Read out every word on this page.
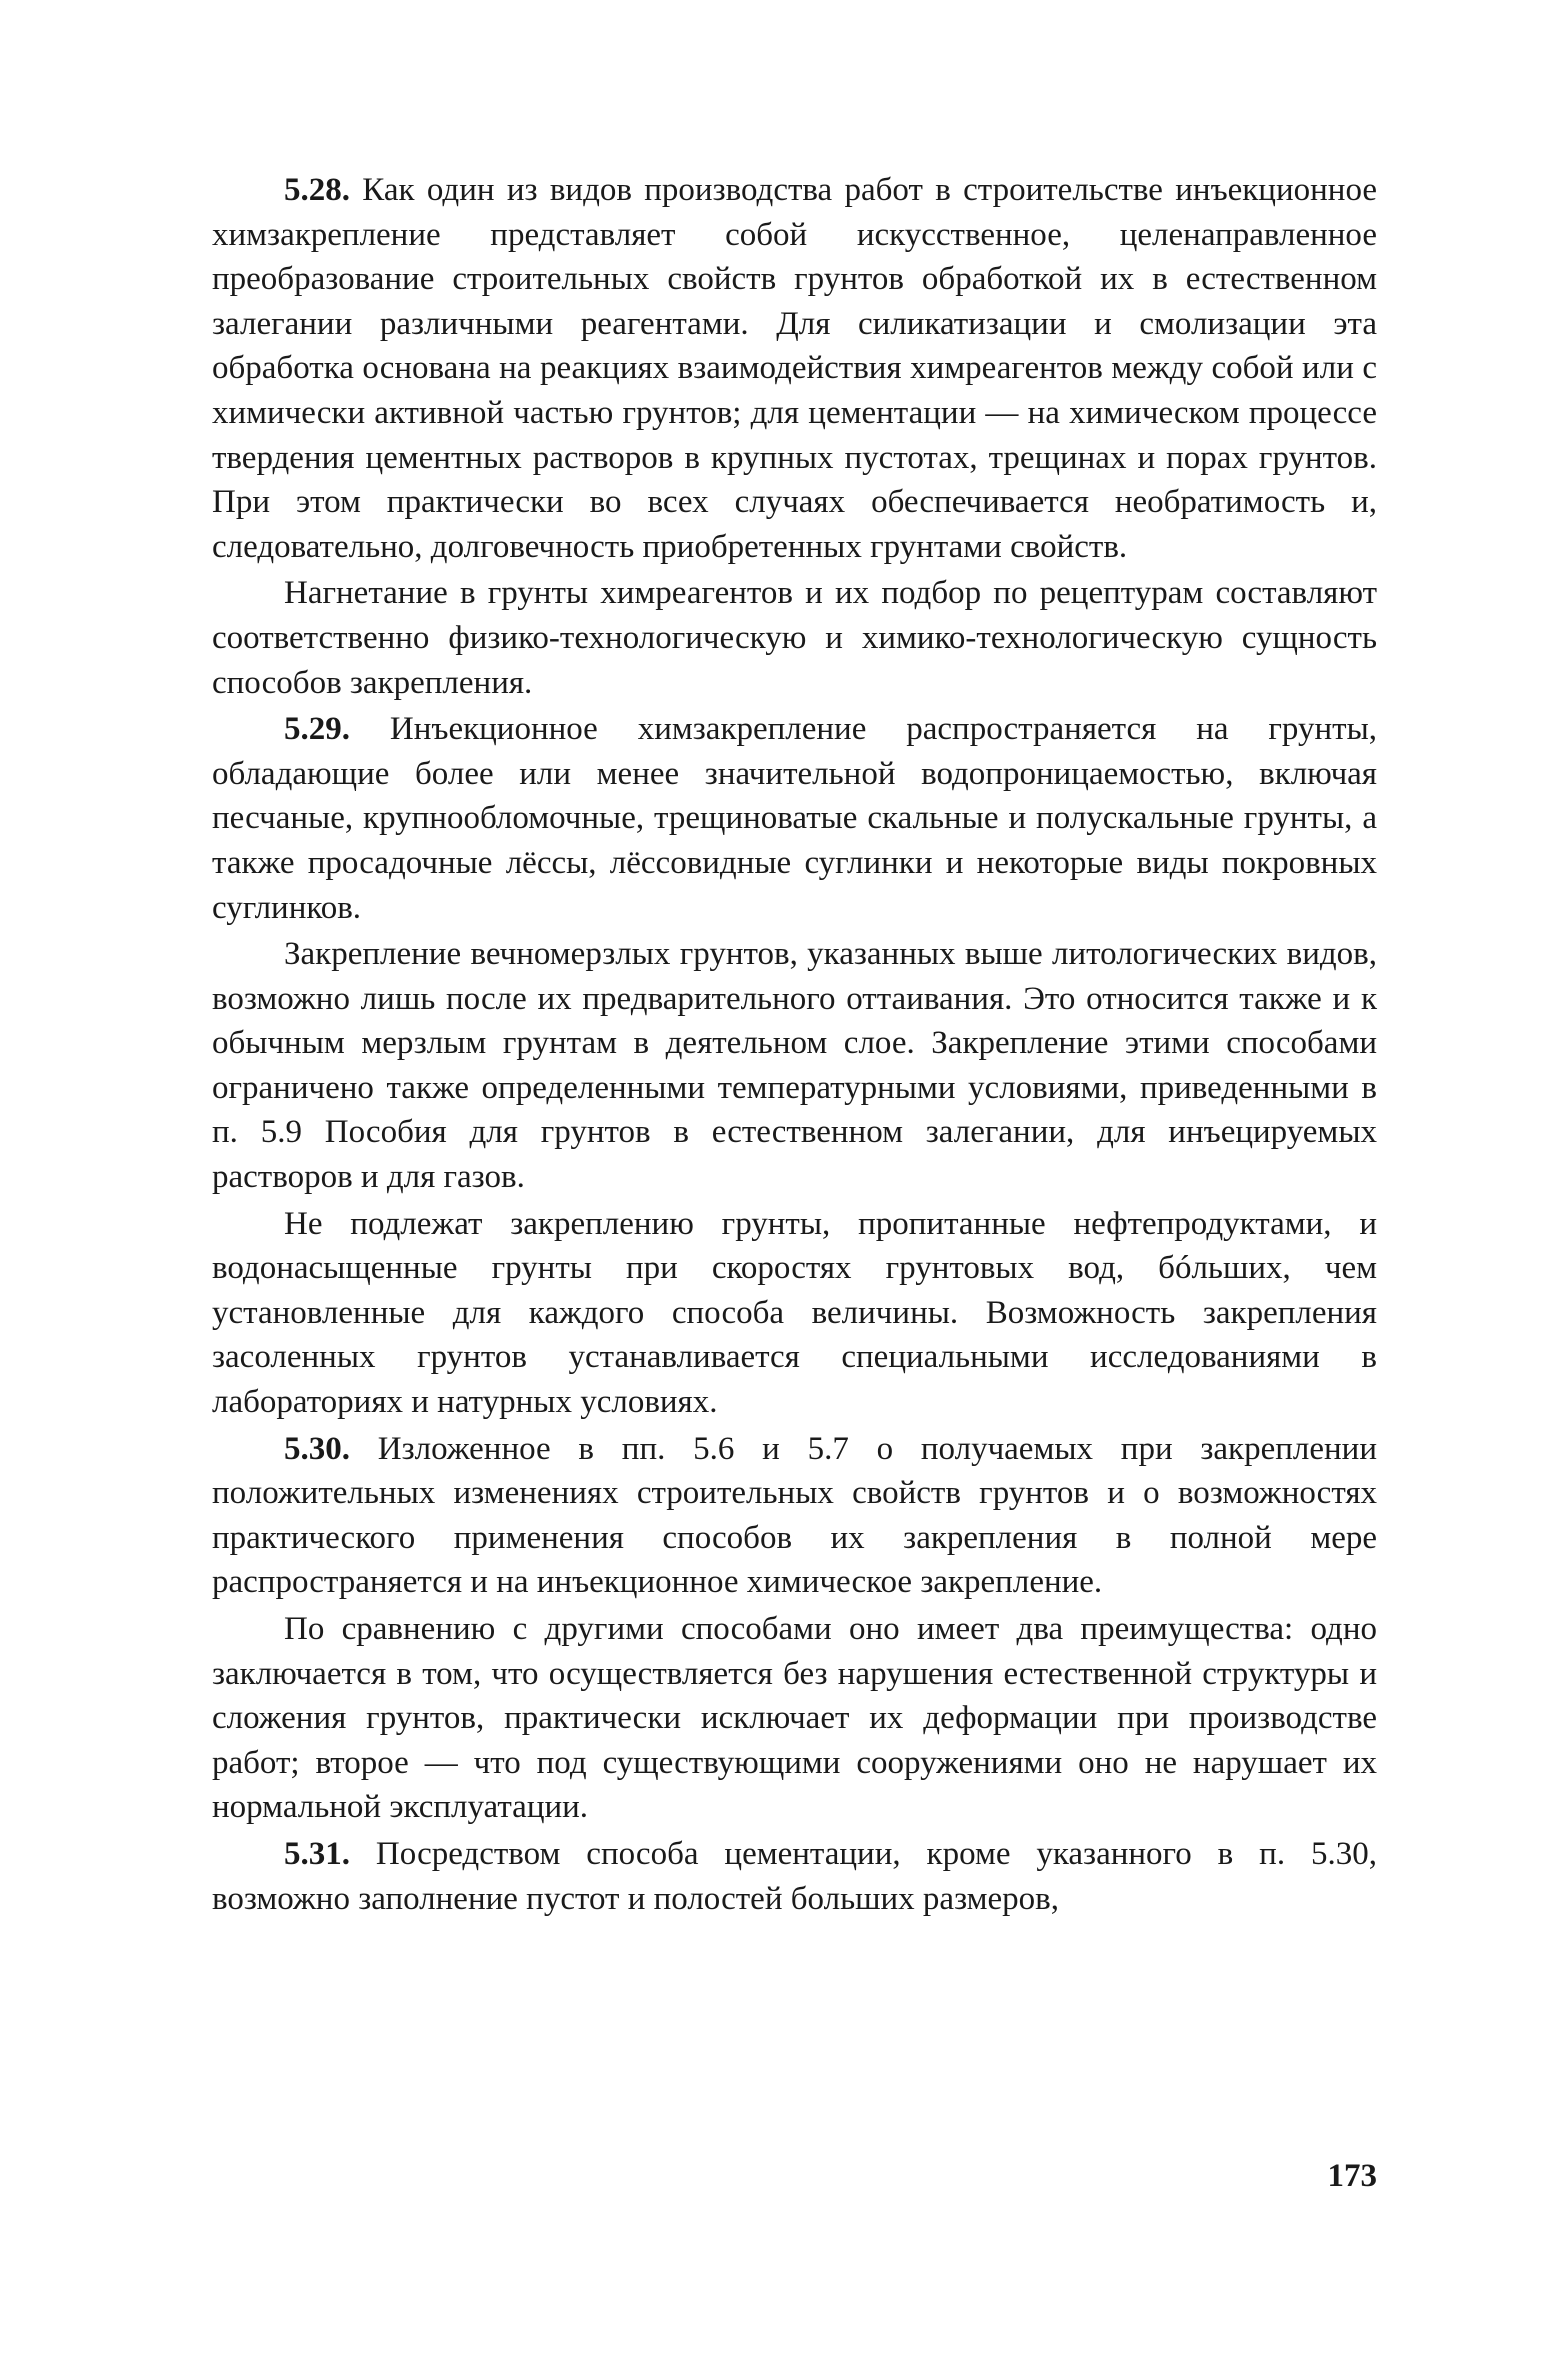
5.28. Как один из видов производства работ в строительстве инъекционное химзакрепление представляет собой искусственное, целенаправленное преобразование строительных свойств грунтов обработкой их в естественном залегании различными реагентами. Для силикатизации и смолизации эта обработка основана на реакциях взаимодействия химреагентов между собой или с химически активной частью грунтов; для цементации — на химическом процессе твердения цементных растворов в крупных пустотах, трещинах и порах грунтов. При этом практически во всех случаях обеспечивается необратимость и, следовательно, долговечность приобретенных грунтами свойств.

Нагнетание в грунты химреагентов и их подбор по рецептурам составляют соответственно физико-технологическую и химико-технологическую сущность способов закрепления.

5.29. Инъекционное химзакрепление распространяется на грунты, обладающие более или менее значительной водопроницаемостью, включая песчаные, крупнообломочные, трещиноватые скальные и полускальные грунты, а также просадочные лёссы, лёссовидные суглинки и некоторые виды покровных суглинков.

Закрепление вечномерзлых грунтов, указанных выше литологических видов, возможно лишь после их предварительного оттаивания. Это относится также и к обычным мерзлым грунтам в деятельном слое. Закрепление этими способами ограничено также определенными температурными условиями, приведенными в п. 5.9 Пособия для грунтов в естественном залегании, для инъецируемых растворов и для газов.

Не подлежат закреплению грунты, пропитанные нефтепродуктами, и водонасыщенные грунты при скоростях грунтовых вод, бóльших, чем установленные для каждого способа величины. Возможность закрепления засоленных грунтов устанавливается специальными исследованиями в лабораториях и натурных условиях.

5.30. Изложенное в пп. 5.6 и 5.7 о получаемых при закреплении положительных изменениях строительных свойств грунтов и о возможностях практического применения способов их закрепления в полной мере распространяется и на инъекционное химическое закрепление.

По сравнению с другими способами оно имеет два преимущества: одно заключается в том, что осуществляется без нарушения естественной структуры и сложения грунтов, практически исключает их деформации при производстве работ; второе — что под существующими сооружениями оно не нарушает их нормальной эксплуатации.

5.31. Посредством способа цементации, кроме указанного в п. 5.30, возможно заполнение пустот и полостей больших размеров,

173
